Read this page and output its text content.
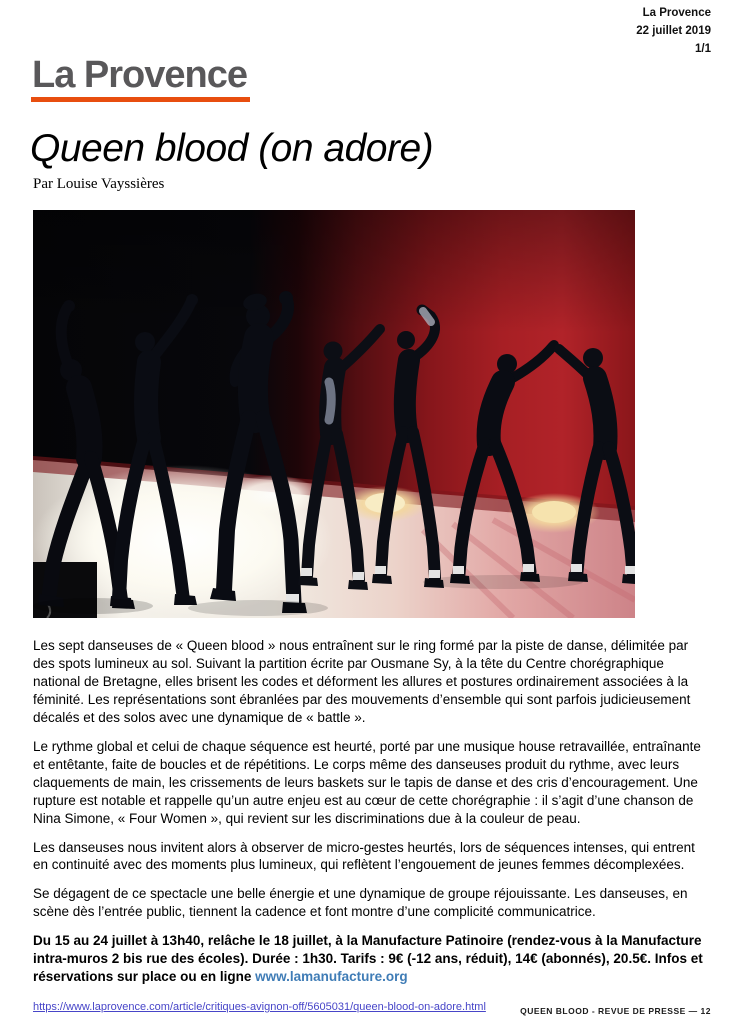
La Provence
22 juillet 2019
1/1
La Provence
Queen blood (on adore)
Par Louise Vayssières

Les sept danseuses de « Queen blood » nous entraînent sur le ring formé par la piste de danse, délimitée par des spots lumineux au sol. Suivant la partition écrite par Ousmane Sy, à la tête du Centre chorégraphique national de Bretagne, elles brisent les codes et déforment les allures et postures ordinairement associées à la féminité. Les représentations sont ébranlées par des mouvements d’ensemble qui sont parfois judicieusement décalés et des solos avec une dynamique de « battle ».

Le rythme global et celui de chaque séquence est heurté, porté par une musique house retravaillée, entraînante et entêtante, faite de boucles et de répétitions. Le corps même des danseuses produit du rythme, avec leurs claquements de main, les crissements de leurs baskets sur le tapis de danse et des cris d’encouragement. Une rupture est notable et rappelle qu’un autre enjeu est au cœur de cette chorégraphie : il s’agit d’une chanson de Nina Simone, « Four Women », qui revient sur les discriminations due à la couleur de peau.

Les danseuses nous invitent alors à observer de micro-gestes heurtés, lors de séquences intenses, qui entrent en continuité avec des moments plus lumineux, qui reflètent l’engouement de jeunes femmes décomplexées.

Se dégagent de ce spectacle une belle énergie et une dynamique de groupe réjouissante. Les danseuses, en scène dès l’entrée public, tiennent la cadence et font montre d’une complicité communicatrice.

Du 15 au 24 juillet à 13h40, relâche le 18 juillet, à la Manufacture Patinoire (rendez-vous à la Manufacture intra-muros 2 bis rue des écoles). Durée : 1h30. Tarifs : 9€ (-12 ans, réduit), 14€ (abonnés), 20.5€. Infos et réservations sur place ou en ligne www.lamanufacture.org

https://www.laprovence.com/article/critiques-avignon-off/5605031/queen-blood-on-adore.html	QUEEN BLOOD - REVUE DE PRESSE — 12
